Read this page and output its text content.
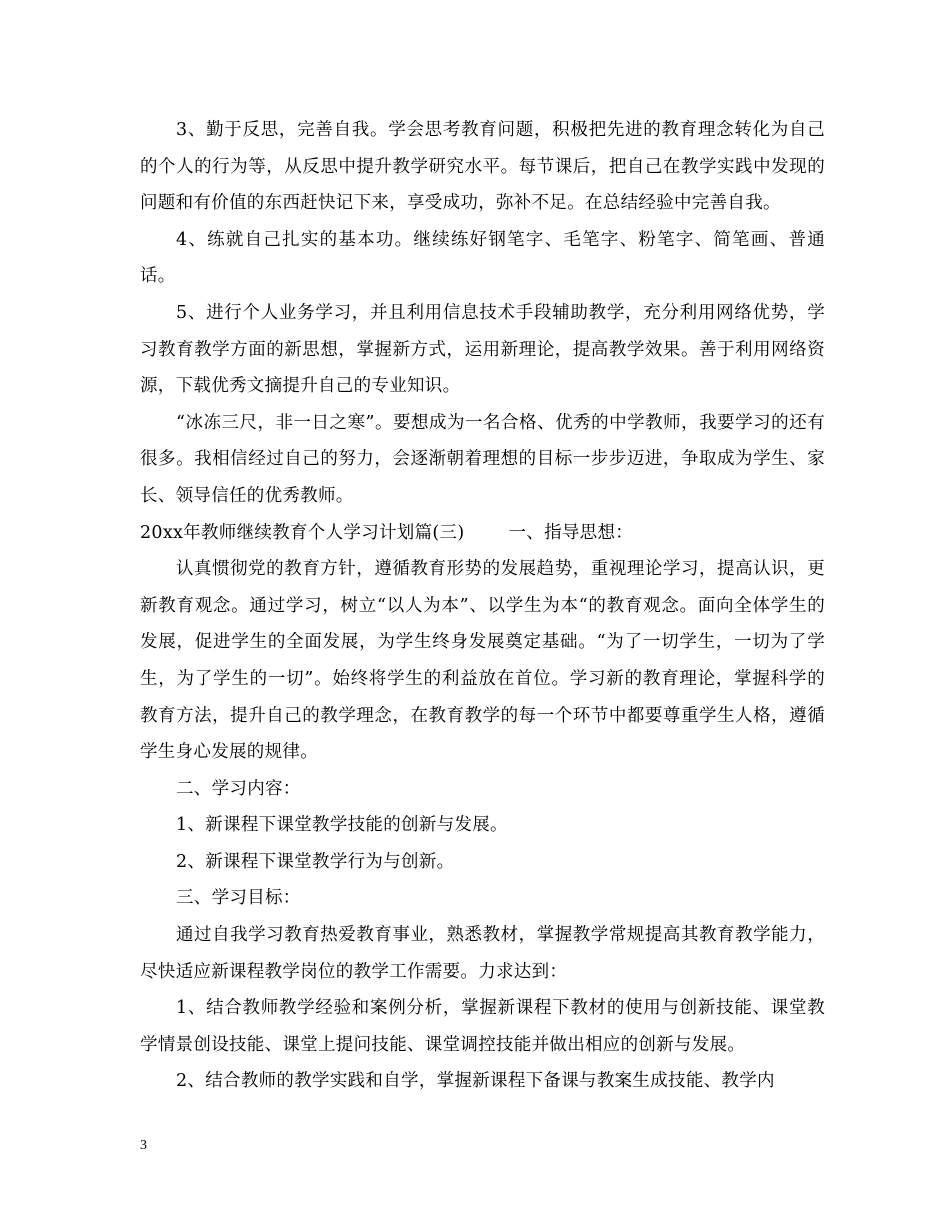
3、勤于反思，完善自我。学会思考教育问题，积极把先进的教育理念转化为自己的个人的行为等，从反思中提升教学研究水平。每节课后，把自己在教学实践中发现的问题和有价值的东西赶快记下来，享受成功，弥补不足。在总结经验中完善自我。

4、练就自己扎实的基本功。继续练好钢笔字、毛笔字、粉笔字、简笔画、普通话。

5、进行个人业务学习，并且利用信息技术手段辅助教学，充分利用网络优势，学习教育教学方面的新思想，掌握新方式，运用新理论，提高教学效果。善于利用网络资源，下载优秀文摘提升自己的专业知识。

“冰冻三尺，非一日之寒”。要想成为一名合格、优秀的中学教师，我要学习的还有很多。我相信经过自己的努力，会逐渐朝着理想的目标一步步迈进，争取成为学生、家长、领导信任的优秀教师。

20xx年教师继续教育个人学习计划篇(三)	一、指导思想：

认真惯彻党的教育方针，遵循教育形势的发展趋势，重视理论学习，提高认识，更新教育观念。通过学习，树立“以人为本”、以学生为本“的教育观念。面向全体学生的发展，促进学生的全面发展，为学生终身发展奠定基础。“为了一切学生，一切为了学生，为了学生的一切”。始终将学生的利益放在首位。学习新的教育理论，掌握科学的教育方法，提升自己的教学理念，在教育教学的每一个环节中都要尊重学生人格，遵循学生身心发展的规律。

二、学习内容：

1、新课程下课堂教学技能的创新与发展。

2、新课程下课堂教学行为与创新。

三、学习目标：

通过自我学习教育热爱教育事业，熟悉教材，掌握教学常规提高其教育教学能力，尽快适应新课程教学岗位的教学工作需要。力求达到：

1、结合教师教学经验和案例分析，掌握新课程下教材的使用与创新技能、课堂教学情景创设技能、课堂上提问技能、课堂调控技能并做出相应的创新与发展。

2、结合教师的教学实践和自学，掌握新课程下备课与教案生成技能、教学内

3
